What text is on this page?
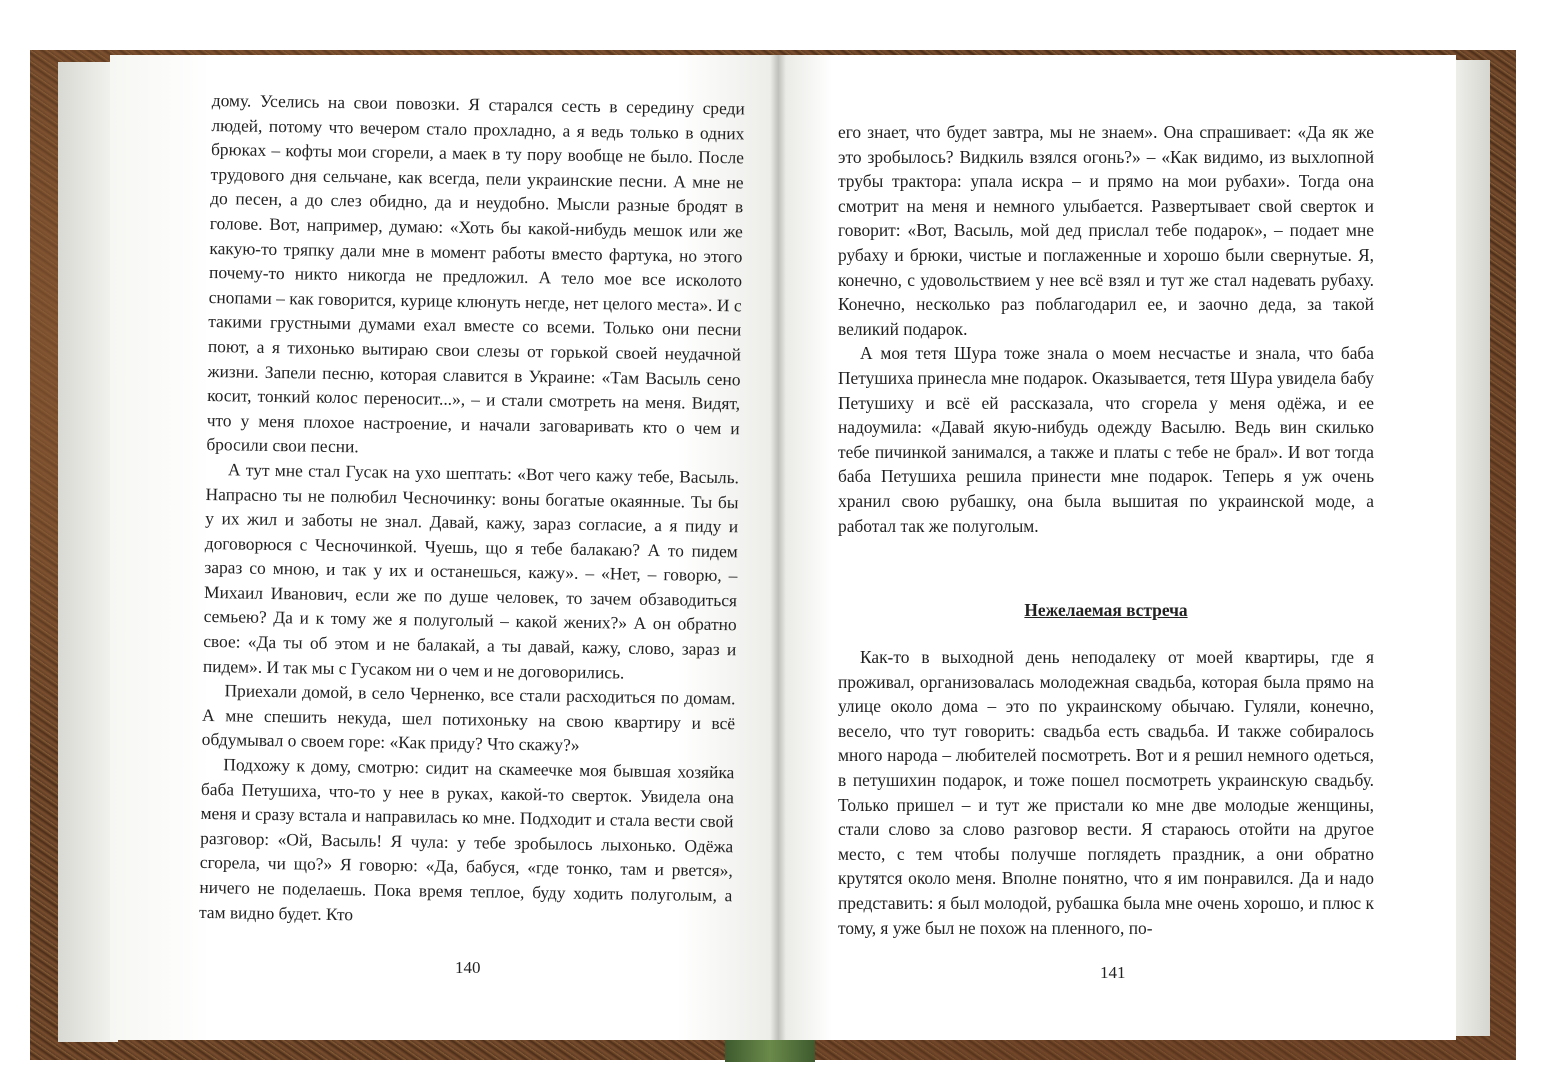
дому. Уселись на свои повозки. Я старался сесть в середину среди людей, потому что вечером стало прохладно, а я ведь только в одних брюках – кофты мои сгорели, а маек в ту пору вообще не было. После трудового дня сельчане, как всегда, пели украинские песни. А мне не до песен, а до слез обидно, да и неудобно. Мысли разные бродят в голове. Вот, например, думаю: «Хоть бы какой-нибудь мешок или же какую-то тряпку дали мне в момент работы вместо фартука, но этого почему-то никто никогда не предложил. А тело мое все исколото снопами – как говорится, курице клюнуть негде, нет целого места». И с такими грустными думами ехал вместе со всеми. Только они песни поют, а я тихонько вытираю свои слезы от горькой своей неудачной жизни. Запели песню, которая славится в Украине: «Там Васыль сено косит, тонкий колос переносит...», – и стали смотреть на меня. Видят, что у меня плохое настроение, и начали заговаривать кто о чем и бросили свои песни.

А тут мне стал Гусак на ухо шептать: «Вот чего кажу тебе, Васыль. Напрасно ты не полюбил Чесночинку: воны богатые окаянные. Ты бы у их жил и заботы не знал. Давай, кажу, зараз согласие, а я пиду и договорюся с Чесночинкой. Чуешь, що я тебе балакаю? А то пидем зараз со мною, и так у их и останешься, кажу». – «Нет, – говорю, – Михаил Иванович, если же по душе человек, то зачем обзаводиться семьею? Да и к тому же я полуголый – какой жених?» А он обратно свое: «Да ты об этом и не балакай, а ты давай, кажу, слово, зараз и пидем». И так мы с Гусаком ни о чем и не договорились.

Приехали домой, в село Черненко, все стали расходиться по домам. А мне спешить некуда, шел потихоньку на свою квартиру и всё обдумывал о своем горе: «Как приду? Что скажу?»

Подхожу к дому, смотрю: сидит на скамеечке моя бывшая хозяйка баба Петушиха, что-то у нее в руках, какой-то сверток. Увидела она меня и сразу встала и направилась ко мне. Подходит и стала вести свой разговор: «Ой, Васыль! Я чула: у тебе зробылось лыхонько. Одёжа сгорела, чи що?» Я говорю: «Да, бабуся, «где тонко, там и рвется», ничего не поделаешь. Пока время теплое, буду ходить полуголым, а там видно будет. Кто

140

его знает, что будет завтра, мы не знаем». Она спрашивает: «Да як же это зробылось? Видкиль взялся огонь?» – «Как видимо, из выхлопной трубы трактора: упала искра – и прямо на мои рубахи». Тогда она смотрит на меня и немного улыбается. Развертывает свой сверток и говорит: «Вот, Васыль, мой дед прислал тебе подарок», – подает мне рубаху и брюки, чистые и поглаженные и хорошо были свернутые. Я, конечно, с удовольствием у нее всё взял и тут же стал надевать рубаху. Конечно, несколько раз поблагодарил ее, и заочно деда, за такой великий подарок.

А моя тетя Шура тоже знала о моем несчастье и знала, что баба Петушиха принесла мне подарок. Оказывается, тетя Шура увидела бабу Петушиху и всё ей рассказала, что сгорела у меня одёжа, и ее надоумила: «Давай якую-нибудь одежду Васылю. Ведь вин скилько тебе пичинкой занимался, а также и платы с тебе не брал». И вот тогда баба Петушиха решила принести мне подарок. Теперь я уж очень хранил свою рубашку, она была вышитая по украинской моде, а работал так же полуголым.

Нежелаемая встреча

Как-то в выходной день неподалеку от моей квартиры, где я проживал, организовалась молодежная свадьба, которая была прямо на улице около дома – это по украинскому обычаю. Гуляли, конечно, весело, что тут говорить: свадьба есть свадьба. И также собиралось много народа – любителей посмотреть. Вот и я решил немного одеться, в петушихин подарок, и тоже пошел посмотреть украинскую свадьбу. Только пришел – и тут же пристали ко мне две молодые женщины, стали слово за слово разговор вести. Я стараюсь отойти на другое место, с тем чтобы получше поглядеть праздник, а они обратно крутятся около меня. Вполне понятно, что я им понравился. Да и надо представить: я был молодой, рубашка была мне очень хорошо, и плюс к тому, я уже был не похож на пленного, по-

141
